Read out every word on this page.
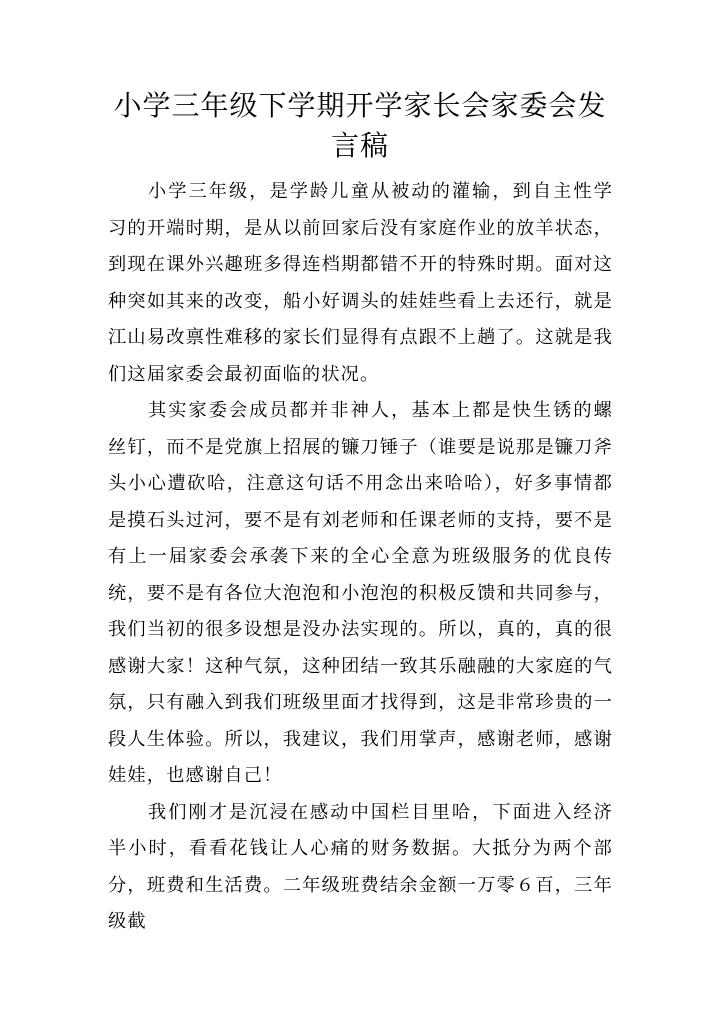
小学三年级下学期开学家长会家委会发言稿

小学三年级，是学龄儿童从被动的灌输，到自主性学习的开端时期，是从以前回家后没有家庭作业的放羊状态，到现在课外兴趣班多得连档期都错不开的特殊时期。面对这种突如其来的改变，船小好调头的娃娃些看上去还行，就是江山易改禀性难移的家长们显得有点跟不上趟了。这就是我们这届家委会最初面临的状况。

其实家委会成员都并非神人，基本上都是快生锈的螺丝钉，而不是党旗上招展的镰刀锤子（谁要是说那是镰刀斧头小心遭砍哈，注意这句话不用念出来哈哈），好多事情都是摸石头过河，要不是有刘老师和任课老师的支持，要不是有上一届家委会承袭下来的全心全意为班级服务的优良传统，要不是有各位大泡泡和小泡泡的积极反馈和共同参与，我们当初的很多设想是没办法实现的。所以，真的，真的很感谢大家！这种气氛，这种团结一致其乐融融的大家庭的气氛，只有融入到我们班级里面才找得到，这是非常珍贵的一段人生体验。所以，我建议，我们用掌声，感谢老师，感谢娃娃，也感谢自己！

我们刚才是沉浸在感动中国栏目里哈，下面进入经济半小时，看看花钱让人心痛的财务数据。大抵分为两个部分，班费和生活费。二年级班费结余金额一万零６百，三年级截
